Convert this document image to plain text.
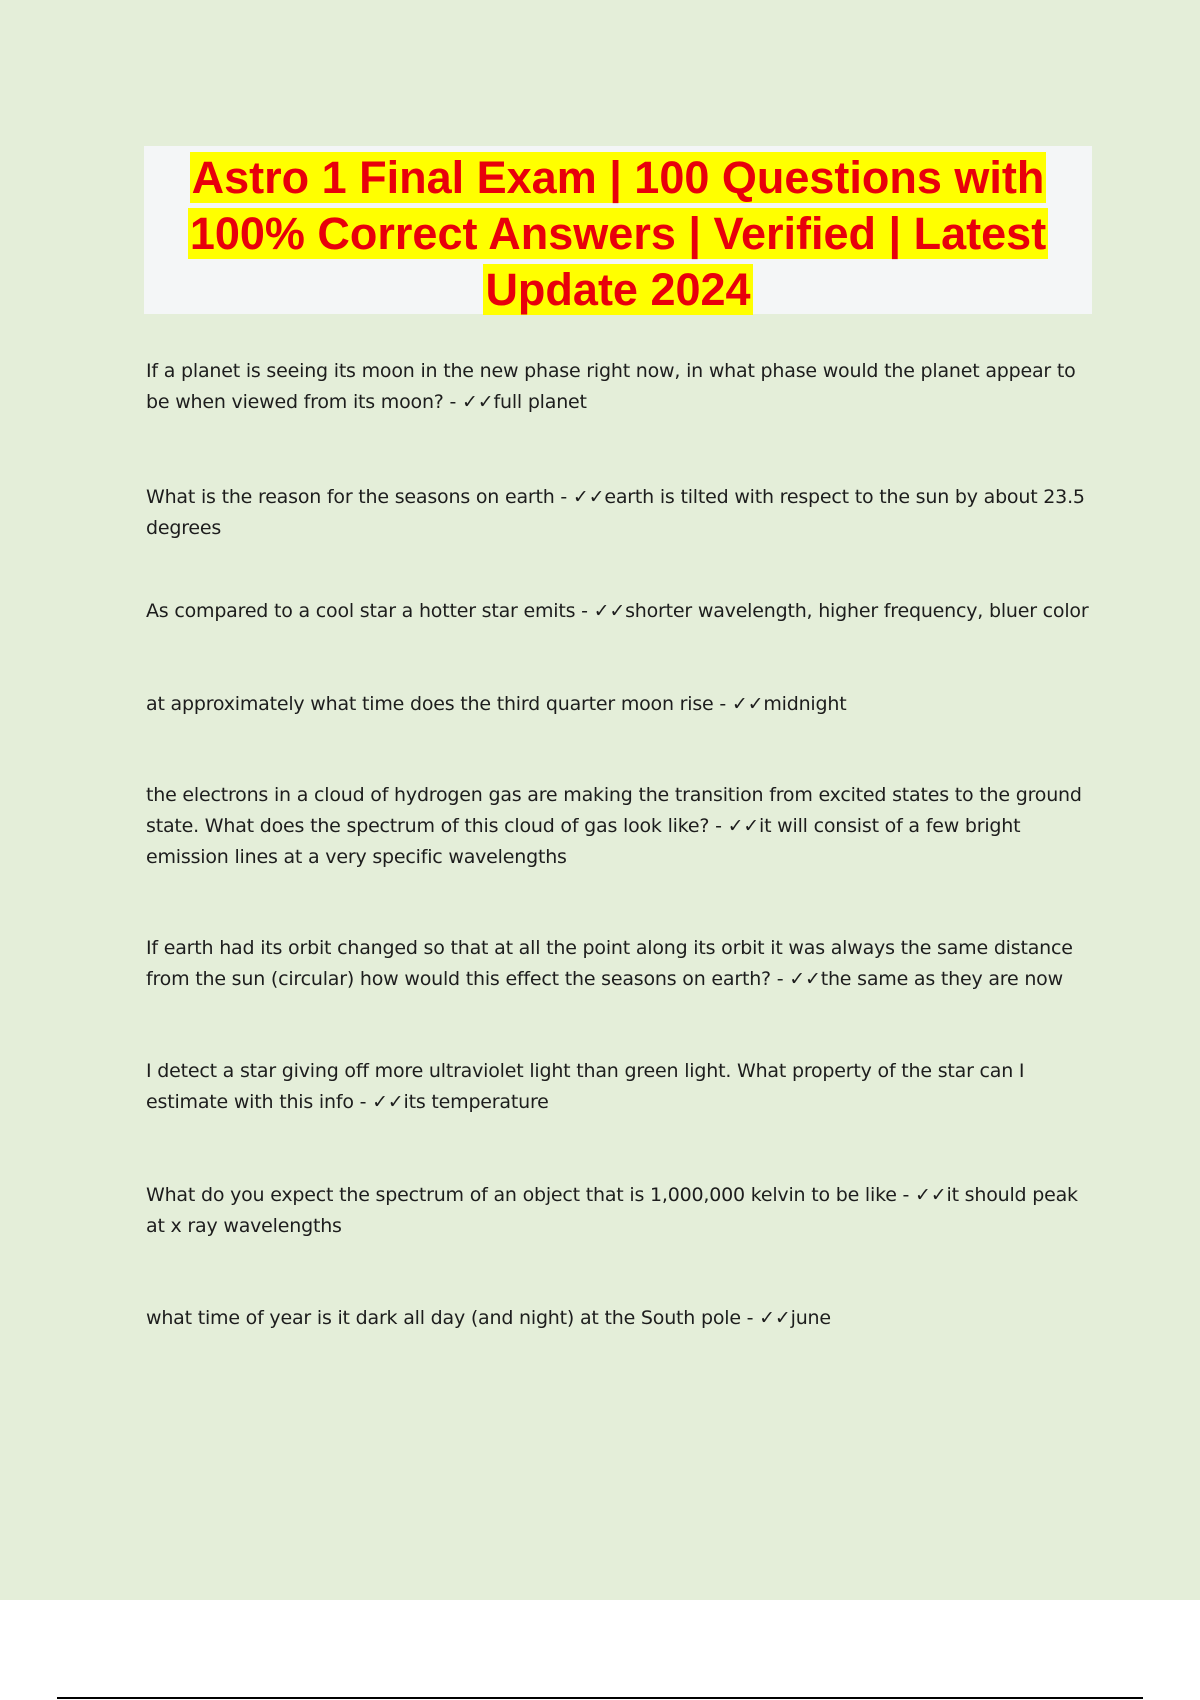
Astro 1 Final Exam | 100 Questions with 100% Correct Answers | Verified | Latest Update 2024

If a planet is seeing its moon in the new phase right now, in what phase would the planet appear to be when viewed from its moon? - ✓✓full planet

What is the reason for the seasons on earth - ✓✓earth is tilted with respect to the sun by about 23.5 degrees

As compared to a cool star a hotter star emits - ✓✓shorter wavelength, higher frequency, bluer color

at approximately what time does the third quarter moon rise - ✓✓midnight

the electrons in a cloud of hydrogen gas are making the transition from excited states to the ground state. What does the spectrum of this cloud of gas look like? - ✓✓it will consist of a few bright emission lines at a very specific wavelengths

If earth had its orbit changed so that at all the point along its orbit it was always the same distance from the sun (circular) how would this effect the seasons on earth? - ✓✓the same as they are now

I detect a star giving off more ultraviolet light than green light. What property of the star can I estimate with this info - ✓✓its temperature

What do you expect the spectrum of an object that is 1,000,000 kelvin to be like - ✓✓it should peak at x ray wavelengths

what time of year is it dark all day (and night) at the South pole - ✓✓june
